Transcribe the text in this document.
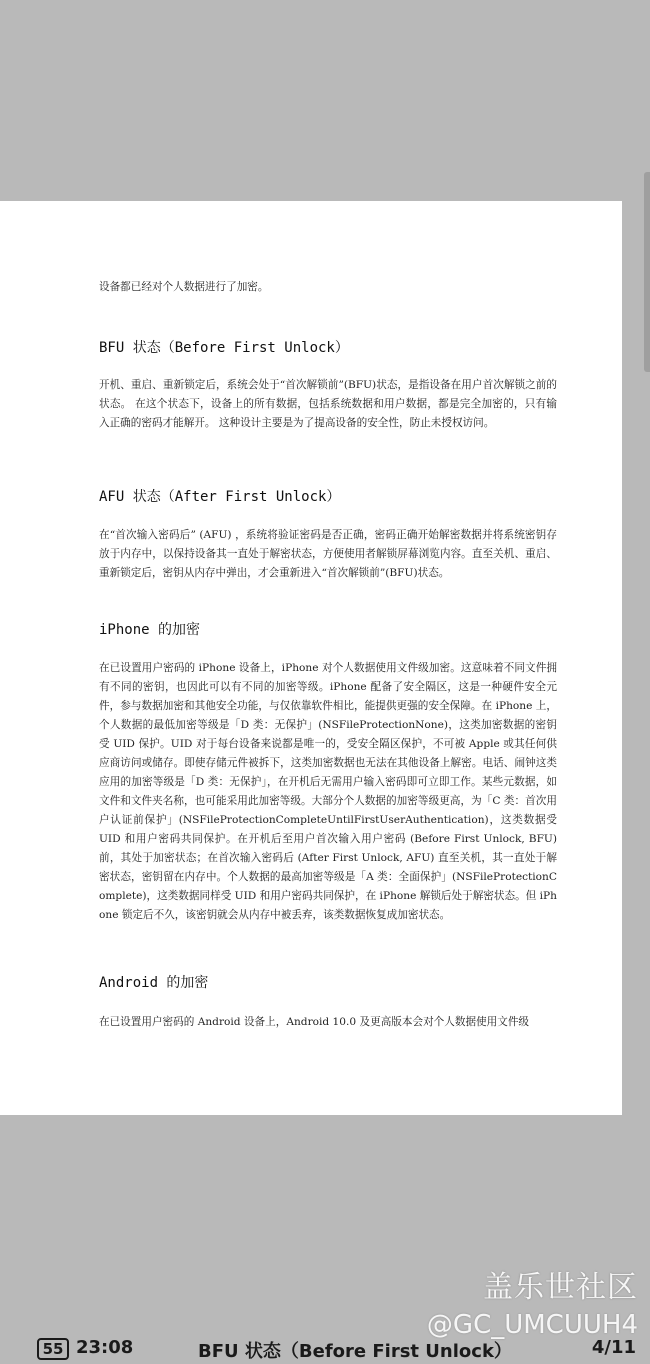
设备都已经对个人数据进行了加密。

BFU 状态（Before First Unlock）

开机、重启、重新锁定后，系统会处于“首次解锁前”(BFU)状态，是指设备在用户首次解锁之前的状态。 在这个状态下，设备上的所有数据，包括系统数据和用户数据，都是完全加密的，只有输入正确的密码才能解开。 这种设计主要是为了提高设备的安全性，防止未授权访问。

AFU 状态（After First Unlock）

在“首次输入密码后” (AFU) ，系统将验证密码是否正确，密码正确开始解密数据并将系统密钥存放于内存中，以保持设备其一直处于解密状态，方便使用者解锁屏幕浏览内容。直至关机、重启、重新锁定后，密钥从内存中弹出，才会重新进入“首次解锁前”(BFU)状态。

iPhone 的加密

在已设置用户密码的 iPhone 设备上，iPhone 对个人数据使用文件级加密。这意味着不同文件拥有不同的密钥，也因此可以有不同的加密等级。iPhone 配备了安全隔区，这是一种硬件安全元件，参与数据加密和其他安全功能，与仅依靠软件相比，能提供更强的安全保障。在 iPhone 上，个人数据的最低加密等级是「D 类：无保护」(NSFileProtectionNone)，这类加密数据的密钥受 UID 保护。UID 对于每台设备来说都是唯一的，受安全隔区保护，不可被 Apple 或其任何供应商访问或储存。即使存储元件被拆下，这类加密数据也无法在其他设备上解密。电话、闹钟这类应用的加密等级是「D 类：无保护」，在开机后无需用户输入密码即可立即工作。某些元数据，如文件和文件夹名称，也可能采用此加密等级。大部分个人数据的加密等级更高，为「C 类：首次用户认证前保护」(NSFileProtectionCompleteUntilFirstUserAuthentication)，这类数据受 UID 和用户密码共同保护。在开机后至用户首次输入用户密码 (Before First Unlock, BFU) 前，其处于加密状态；在首次输入密码后 (After First Unlock, AFU) 直至关机，其一直处于解密状态，密钥留在内存中。个人数据的最高加密等级是「A 类：全面保护」(NSFileProtectionComplete)，这类数据同样受 UID 和用户密码共同保护，在 iPhone 解锁后处于解密状态。但 iPhone 锁定后不久，该密钥就会从内存中被丢弃，该类数据恢复成加密状态。

Android 的加密

在已设置用户密码的 Android 设备上，Android 10.0 及更高版本会对个人数据使用文件级

盖乐世社区
@GC_UMCUUH4
55 23:08	BFU 状态（Before First Unlock）	4/11
